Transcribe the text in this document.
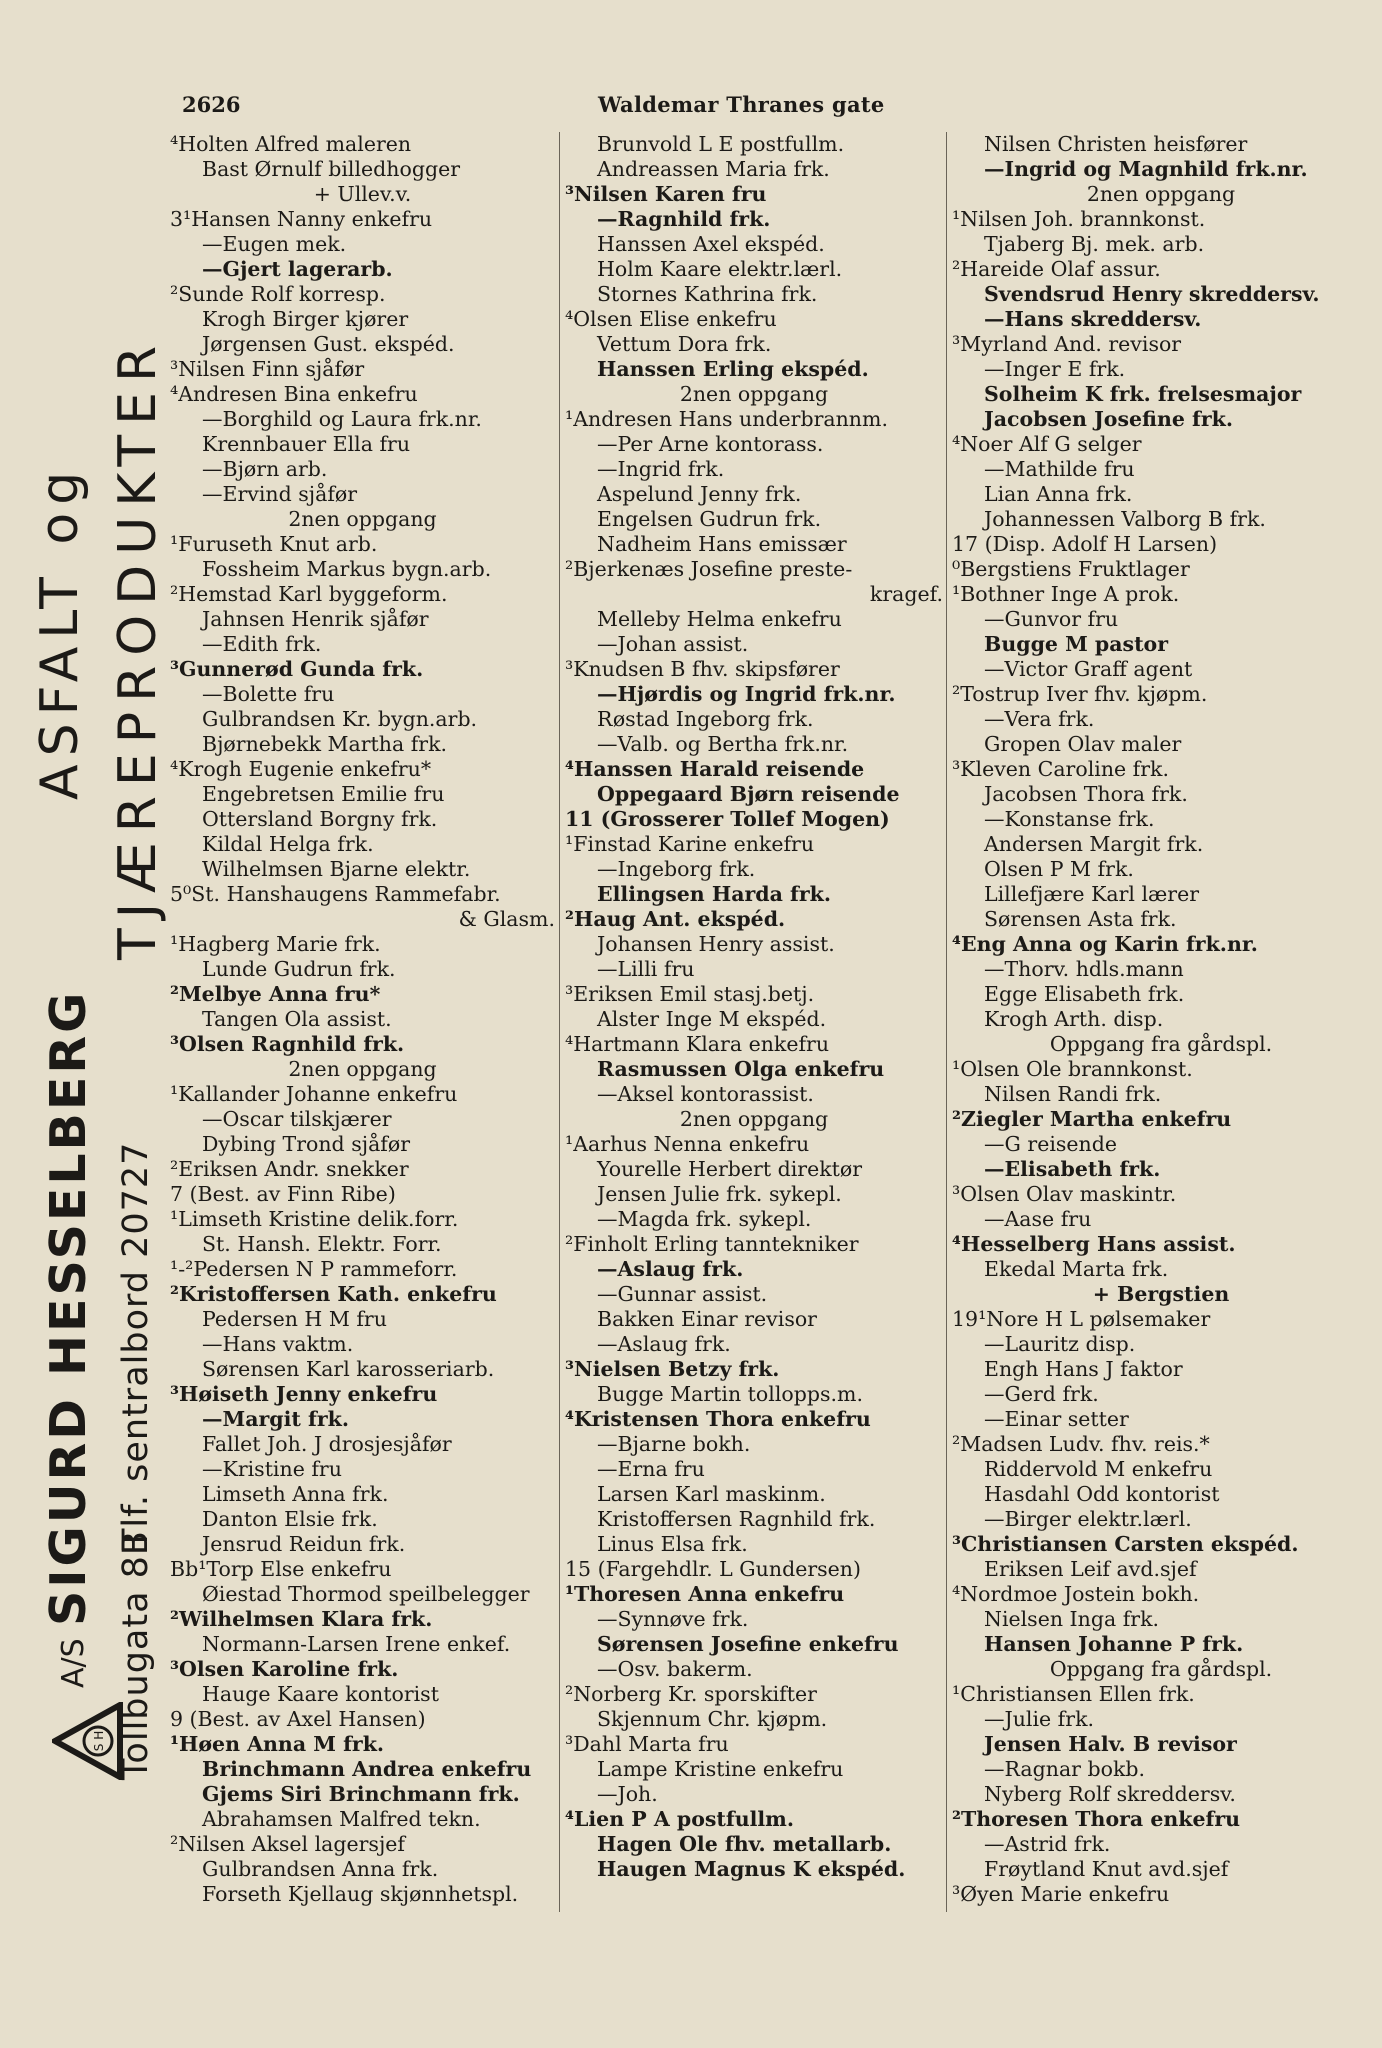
2626	Waldemar Thranes gate
S H
A/S
SIGURD HESSELBERG
Tollbugata 8B
Tlf. sentralbord 20727
ASFALT og TJÆREPRODUKTER
⁴Holten Alfred maleren
Bast Ørnulf billedhogger
+ Ullev.v.
3¹Hansen Nanny enkefru
—Eugen mek.
—Gjert lagerarb.
²Sunde Rolf korresp.
Krogh Birger kjører
Jørgensen Gust. ekspéd.
³Nilsen Finn sjåfør
⁴Andresen Bina enkefru
—Borghild og Laura frk.nr.
Krennbauer Ella fru
—Bjørn arb.
—Ervind sjåfør
2nen oppgang
¹Furuseth Knut arb.
Fossheim Markus bygn.arb.
²Hemstad Karl byggeform.
Jahnsen Henrik sjåfør
—Edith frk.
³Gunnerød Gunda frk.
—Bolette fru
Gulbrandsen Kr. bygn.arb.
Bjørnebekk Martha frk.
⁴Krogh Eugenie enkefru*
Engebretsen Emilie fru
Ottersland Borgny frk.
Kildal Helga frk.
Wilhelmsen Bjarne elektr.
5⁰St. Hanshaugens Rammefabr.
& Glasm.
¹Hagberg Marie frk.
Lunde Gudrun frk.
²Melbye Anna fru*
Tangen Ola assist.
³Olsen Ragnhild frk.
2nen oppgang
¹Kallander Johanne enkefru
—Oscar tilskjærer
Dybing Trond sjåfør
²Eriksen Andr. snekker
7 (Best. av Finn Ribe)
¹Limseth Kristine delik.forr.
St. Hansh. Elektr. Forr.
¹‐²Pedersen N P rammeforr.
²Kristoffersen Kath. enkefru
Pedersen H M fru
—Hans vaktm.
Sørensen Karl karosseriarb.
³Høiseth Jenny enkefru
—Margit frk.
Fallet Joh. J drosjesjåfør
—Kristine fru
Limseth Anna frk.
Danton Elsie frk.
Jensrud Reidun frk.
Bb¹Torp Else enkefru
Øiestad Thormod speilbelegger
²Wilhelmsen Klara frk.
Normann-Larsen Irene enkef.
³Olsen Karoline frk.
Hauge Kaare kontorist
9 (Best. av Axel Hansen)
¹Høen Anna M frk.
Brinchmann Andrea enkefru
Gjems Siri Brinchmann frk.
Abrahamsen Malfred tekn.
²Nilsen Aksel lagersjef
Gulbrandsen Anna frk.
Forseth Kjellaug skjønnhetspl.
Brunvold L E postfullm.
Andreassen Maria frk.
³Nilsen Karen fru
—Ragnhild frk.
Hanssen Axel ekspéd.
Holm Kaare elektr.lærl.
Stornes Kathrina frk.
⁴Olsen Elise enkefru
Vettum Dora frk.
Hanssen Erling ekspéd.
2nen oppgang
¹Andresen Hans underbrannm.
—Per Arne kontorass.
—Ingrid frk.
Aspelund Jenny frk.
Engelsen Gudrun frk.
Nadheim Hans emissær
²Bjerkenæs Josefine preste-
kragef.
Melleby Helma enkefru
—Johan assist.
³Knudsen B fhv. skipsfører
—Hjørdis og Ingrid frk.nr.
Røstad Ingeborg frk.
—Valb. og Bertha frk.nr.
⁴Hanssen Harald reisende
Oppegaard Bjørn reisende
11 (Grosserer Tollef Mogen)
¹Finstad Karine enkefru
—Ingeborg frk.
Ellingsen Harda frk.
²Haug Ant. ekspéd.
Johansen Henry assist.
—Lilli fru
³Eriksen Emil stasj.betj.
Alster Inge M ekspéd.
⁴Hartmann Klara enkefru
Rasmussen Olga enkefru
—Aksel kontorassist.
2nen oppgang
¹Aarhus Nenna enkefru
Yourelle Herbert direktør
Jensen Julie frk. sykepl.
—Magda frk. sykepl.
²Finholt Erling tanntekniker
—Aslaug frk.
—Gunnar assist.
Bakken Einar revisor
—Aslaug frk.
³Nielsen Betzy frk.
Bugge Martin tollopps.m.
⁴Kristensen Thora enkefru
—Bjarne bokh.
—Erna fru
Larsen Karl maskinm.
Kristoffersen Ragnhild frk.
Linus Elsa frk.
15 (Fargehdlr. L Gundersen)
¹Thoresen Anna enkefru
—Synnøve frk.
Sørensen Josefine enkefru
—Osv. bakerm.
²Norberg Kr. sporskifter
Skjennum Chr. kjøpm.
³Dahl Marta fru
Lampe Kristine enkefru
—Joh.
⁴Lien P A postfullm.
Hagen Ole fhv. metallarb.
Haugen Magnus K ekspéd.
Nilsen Christen heisfører
—Ingrid og Magnhild frk.nr.
2nen oppgang
¹Nilsen Joh. brannkonst.
Tjaberg Bj. mek. arb.
²Hareide Olaf assur.
Svendsrud Henry skreddersv.
—Hans skreddersv.
³Myrland And. revisor
—Inger E frk.
Solheim K frk. frelsesmajor
Jacobsen Josefine frk.
⁴Noer Alf G selger
—Mathilde fru
Lian Anna frk.
Johannessen Valborg B frk.
17 (Disp. Adolf H Larsen)
⁰Bergstiens Fruktlager
¹Bothner Inge A prok.
—Gunvor fru
Bugge M pastor
—Victor Graff agent
²Tostrup Iver fhv. kjøpm.
—Vera frk.
Gropen Olav maler
³Kleven Caroline frk.
Jacobsen Thora frk.
—Konstanse frk.
Andersen Margit frk.
Olsen P M frk.
Lillefjære Karl lærer
Sørensen Asta frk.
⁴Eng Anna og Karin frk.nr.
—Thorv. hdls.mann
Egge Elisabeth frk.
Krogh Arth. disp.
Oppgang fra gårdspl.
¹Olsen Ole brannkonst.
Nilsen Randi frk.
²Ziegler Martha enkefru
—G reisende
—Elisabeth frk.
³Olsen Olav maskintr.
—Aase fru
⁴Hesselberg Hans assist.
Ekedal Marta frk.
+ Bergstien
19¹Nore H L pølsemaker
—Lauritz disp.
Engh Hans J faktor
—Gerd frk.
—Einar setter
²Madsen Ludv. fhv. reis.*
Riddervold M enkefru
Hasdahl Odd kontorist
—Birger elektr.lærl.
³Christiansen Carsten ekspéd.
Eriksen Leif avd.sjef
⁴Nordmoe Jostein bokh.
Nielsen Inga frk.
Hansen Johanne P frk.
Oppgang fra gårdspl.
¹Christiansen Ellen frk.
—Julie frk.
Jensen Halv. B revisor
—Ragnar bokb.
Nyberg Rolf skreddersv.
²Thoresen Thora enkefru
—Astrid frk.
Frøytland Knut avd.sjef
³Øyen Marie enkefru
